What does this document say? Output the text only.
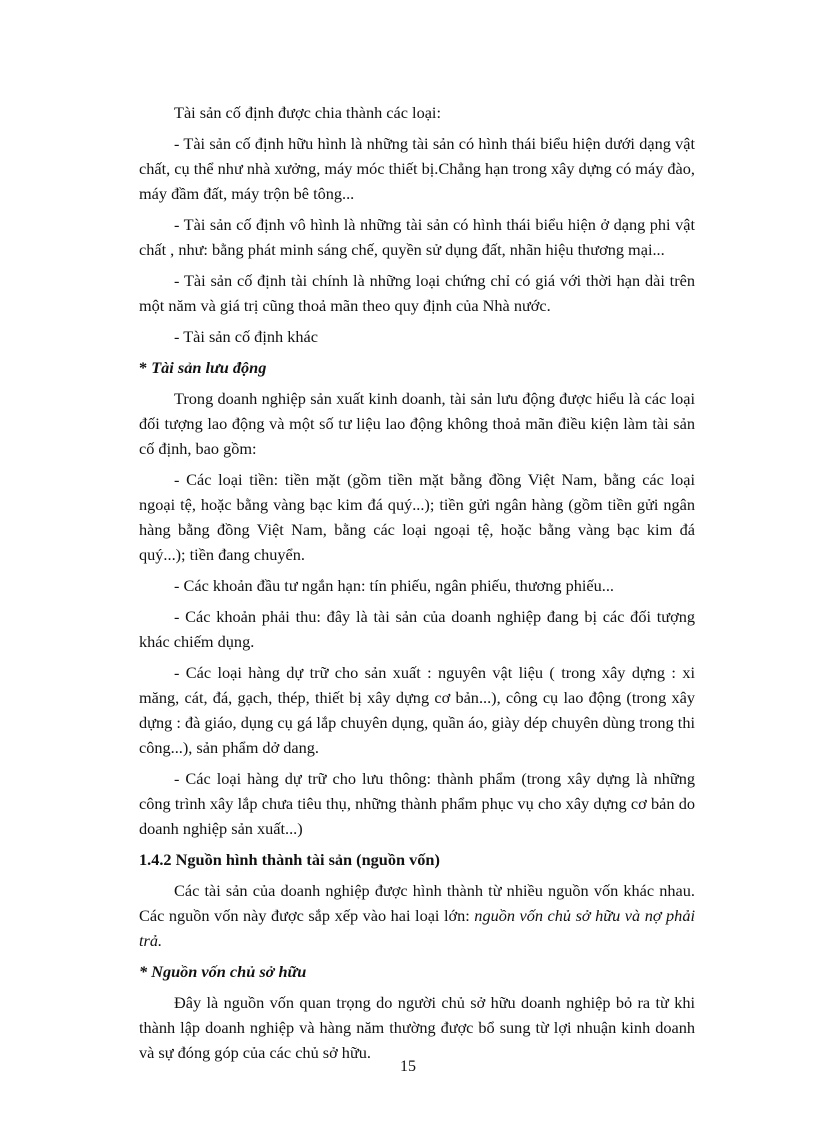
Tài sản cố định được chia thành các loại:

- Tài sản cố định hữu hình là những tài sản có hình thái biểu hiện dưới dạng vật chất, cụ thể như nhà xưởng, máy móc thiết bị.Chẳng hạn trong xây dựng có máy đào, máy đầm đất, máy trộn bê tông...

- Tài sản cố định vô hình là những tài sản có hình thái biểu hiện ở dạng phi vật chất , như: bằng phát minh sáng chế, quyền sử dụng đất, nhãn hiệu thương mại...

- Tài sản cố định tài chính là những loại chứng chỉ có giá với thời hạn dài trên một năm và giá trị cũng thoả mãn theo quy định của Nhà nước.

- Tài sản cố định khác

* Tài sản lưu động

Trong doanh nghiệp sản xuất kinh doanh, tài sản lưu động được hiểu là các loại đối tượng lao động và một số tư liệu lao động không thoả mãn điều kiện làm tài sản cố định, bao gồm:

- Các loại tiền: tiền mặt (gồm tiền mặt bằng đồng Việt Nam, bằng các loại ngoại tệ, hoặc bằng vàng bạc kim đá quý...); tiền gửi ngân hàng (gồm tiền gửi ngân hàng bằng đồng Việt Nam, bằng các loại ngoại tệ, hoặc bằng vàng bạc kim đá quý...); tiền đang chuyển.

- Các khoản đầu tư ngắn hạn: tín phiếu, ngân phiếu, thương phiếu...

- Các khoản phải thu: đây là tài sản của doanh nghiệp đang bị các đối tượng khác chiếm dụng.

- Các loại hàng dự trữ cho sản xuất : nguyên vật liệu ( trong xây dựng : xi măng, cát, đá, gạch, thép, thiết bị xây dựng cơ bản...), công cụ lao động (trong xây dựng : đà giáo, dụng cụ gá lắp chuyên dụng, quần áo, giày dép chuyên dùng trong thi công...), sản phẩm dở dang.

- Các loại hàng dự trữ cho lưu thông: thành phẩm (trong xây dựng là những công trình xây lắp chưa tiêu thụ, những thành phẩm phục vụ cho xây dựng cơ bản do doanh nghiệp sản xuất...)

1.4.2 Nguồn hình thành tài sản (nguồn vốn)

Các tài sản của doanh nghiệp được hình thành từ nhiều nguồn vốn khác nhau. Các nguồn vốn này được sắp xếp vào hai loại lớn: nguồn vốn chủ sở hữu và nợ phải trả.

* Nguồn vốn chủ sở hữu

Đây là nguồn vốn quan trọng do người chủ sở hữu doanh nghiệp bỏ ra từ khi thành lập doanh nghiệp và hàng năm thường được bổ sung từ lợi nhuận kinh doanh và sự đóng góp của các chủ sở hữu.

15
